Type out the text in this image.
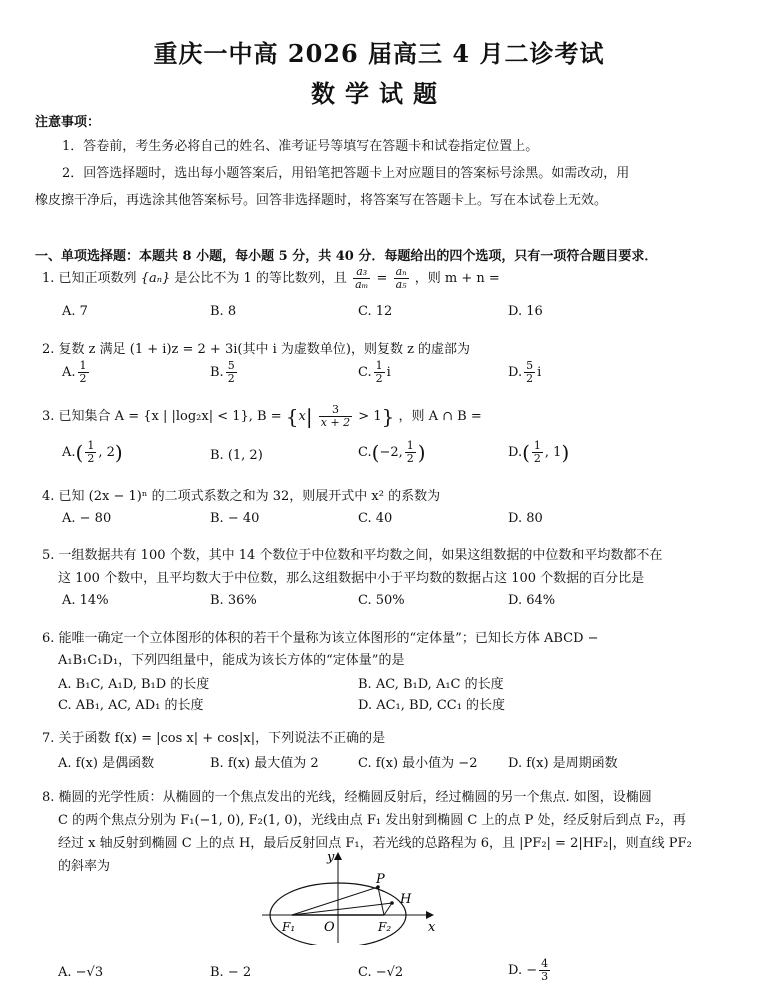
重庆一中高 2026 届高三 4 月二诊考试
数学试题
注意事项：
1．答卷前，考生务必将自己的姓名、准考证号等填写在答题卡和试卷指定位置上。
2．回答选择题时，选出每小题答案后，用铅笔把答题卡上对应题目的答案标号涂黑。如需改动，用
橡皮擦干净后，再选涂其他答案标号。回答非选择题时，将答案写在答题卡上。写在本试卷上无效。
一、单项选择题：本题共 8 小题，每小题 5 分，共 40 分．每题给出的四个选项，只有一项符合题目要求．
1. 已知正项数列 {aₙ} 是公比不为 1 的等比数列，且 $\frac{\text{a₃}}{\text{aₘ}} = \frac{\text{aₙ}}{\text{a₅}}$ ，则 m + n =
A. 7	B. 8	C. 12	D. 16
2. 复数 z 满足 (1 + i)z = 2 + 3i(其中 i 为虚数单位)，则复数 z 的虚部为
A. $\frac{1}{2}$	B. $\frac{5}{2}$	C. $\frac{1}{2}$ i	D. $\frac{5}{2}$ i
3. 已知集合 A = {x | |log₂x| < 1}, $B = \{x| \frac{3}{x + 2} > 1\}$ ，则 A ∩ B =
$A.( \frac{1}{2}$ , 2)	B. (1, 2)	C.(−2, $\frac{1}{2}$ )	$D.( \frac{1}{2}$ , 1)
4. 已知 (2x − 1)ⁿ 的二项式系数之和为 32，则展开式中 x² 的系数为
A. − 80	B. − 40	C. 40	D. 80
5. 一组数据共有 100 个数，其中 14 个数位于中位数和平均数之间，如果这组数据的中位数和平均数都不在
这 100 个数中，且平均数大于中位数，那么这组数据中小于平均数的数据占这 100 个数据的百分比是
A. 14%	B. 36%	C. 50%	D. 64%
6. 能唯一确定一个立体图形的体积的若干个量称为该立体图形的“定体量”；已知长方体 ABCD −
A₁B₁C₁D₁，下列四组量中，能成为该长方体的“定体量”的是
A. B₁C, A₁D, B₁D 的长度	B. AC, B₁D, A₁C 的长度
C. AB₁, AC, AD₁ 的长度	D. AC₁, BD, CC₁ 的长度
7. 关于函数 f(x) = |cos x| + cos|x|，下列说法不正确的是
A. f(x) 是偶函数	B. f(x) 最大值为 2	C. f(x) 最小值为 −2 D. f(x) 是周期函数
8. 椭圆的光学性质：从椭圆的一个焦点发出的光线，经椭圆反射后，经过椭圆的另一个焦点. 如图，设椭圆
C 的两个焦点分别为 F₁(−1, 0), F₂(1, 0)，光线由点 F₁ 发出射到椭圆 C 上的点 P 处，经反射后到点 F₂，再
经过 x 轴反射到椭圆 C 上的点 H，最后反射回点 F₁，若光线的总路程为 6，且 |PF₂| = 2|HF₂|，则直线 PF₂
的斜率为
y
x
P
H
O
F₁	F₂
A. −√3	B. − 2	C. −√2	D. − $\frac{4}{3}$
